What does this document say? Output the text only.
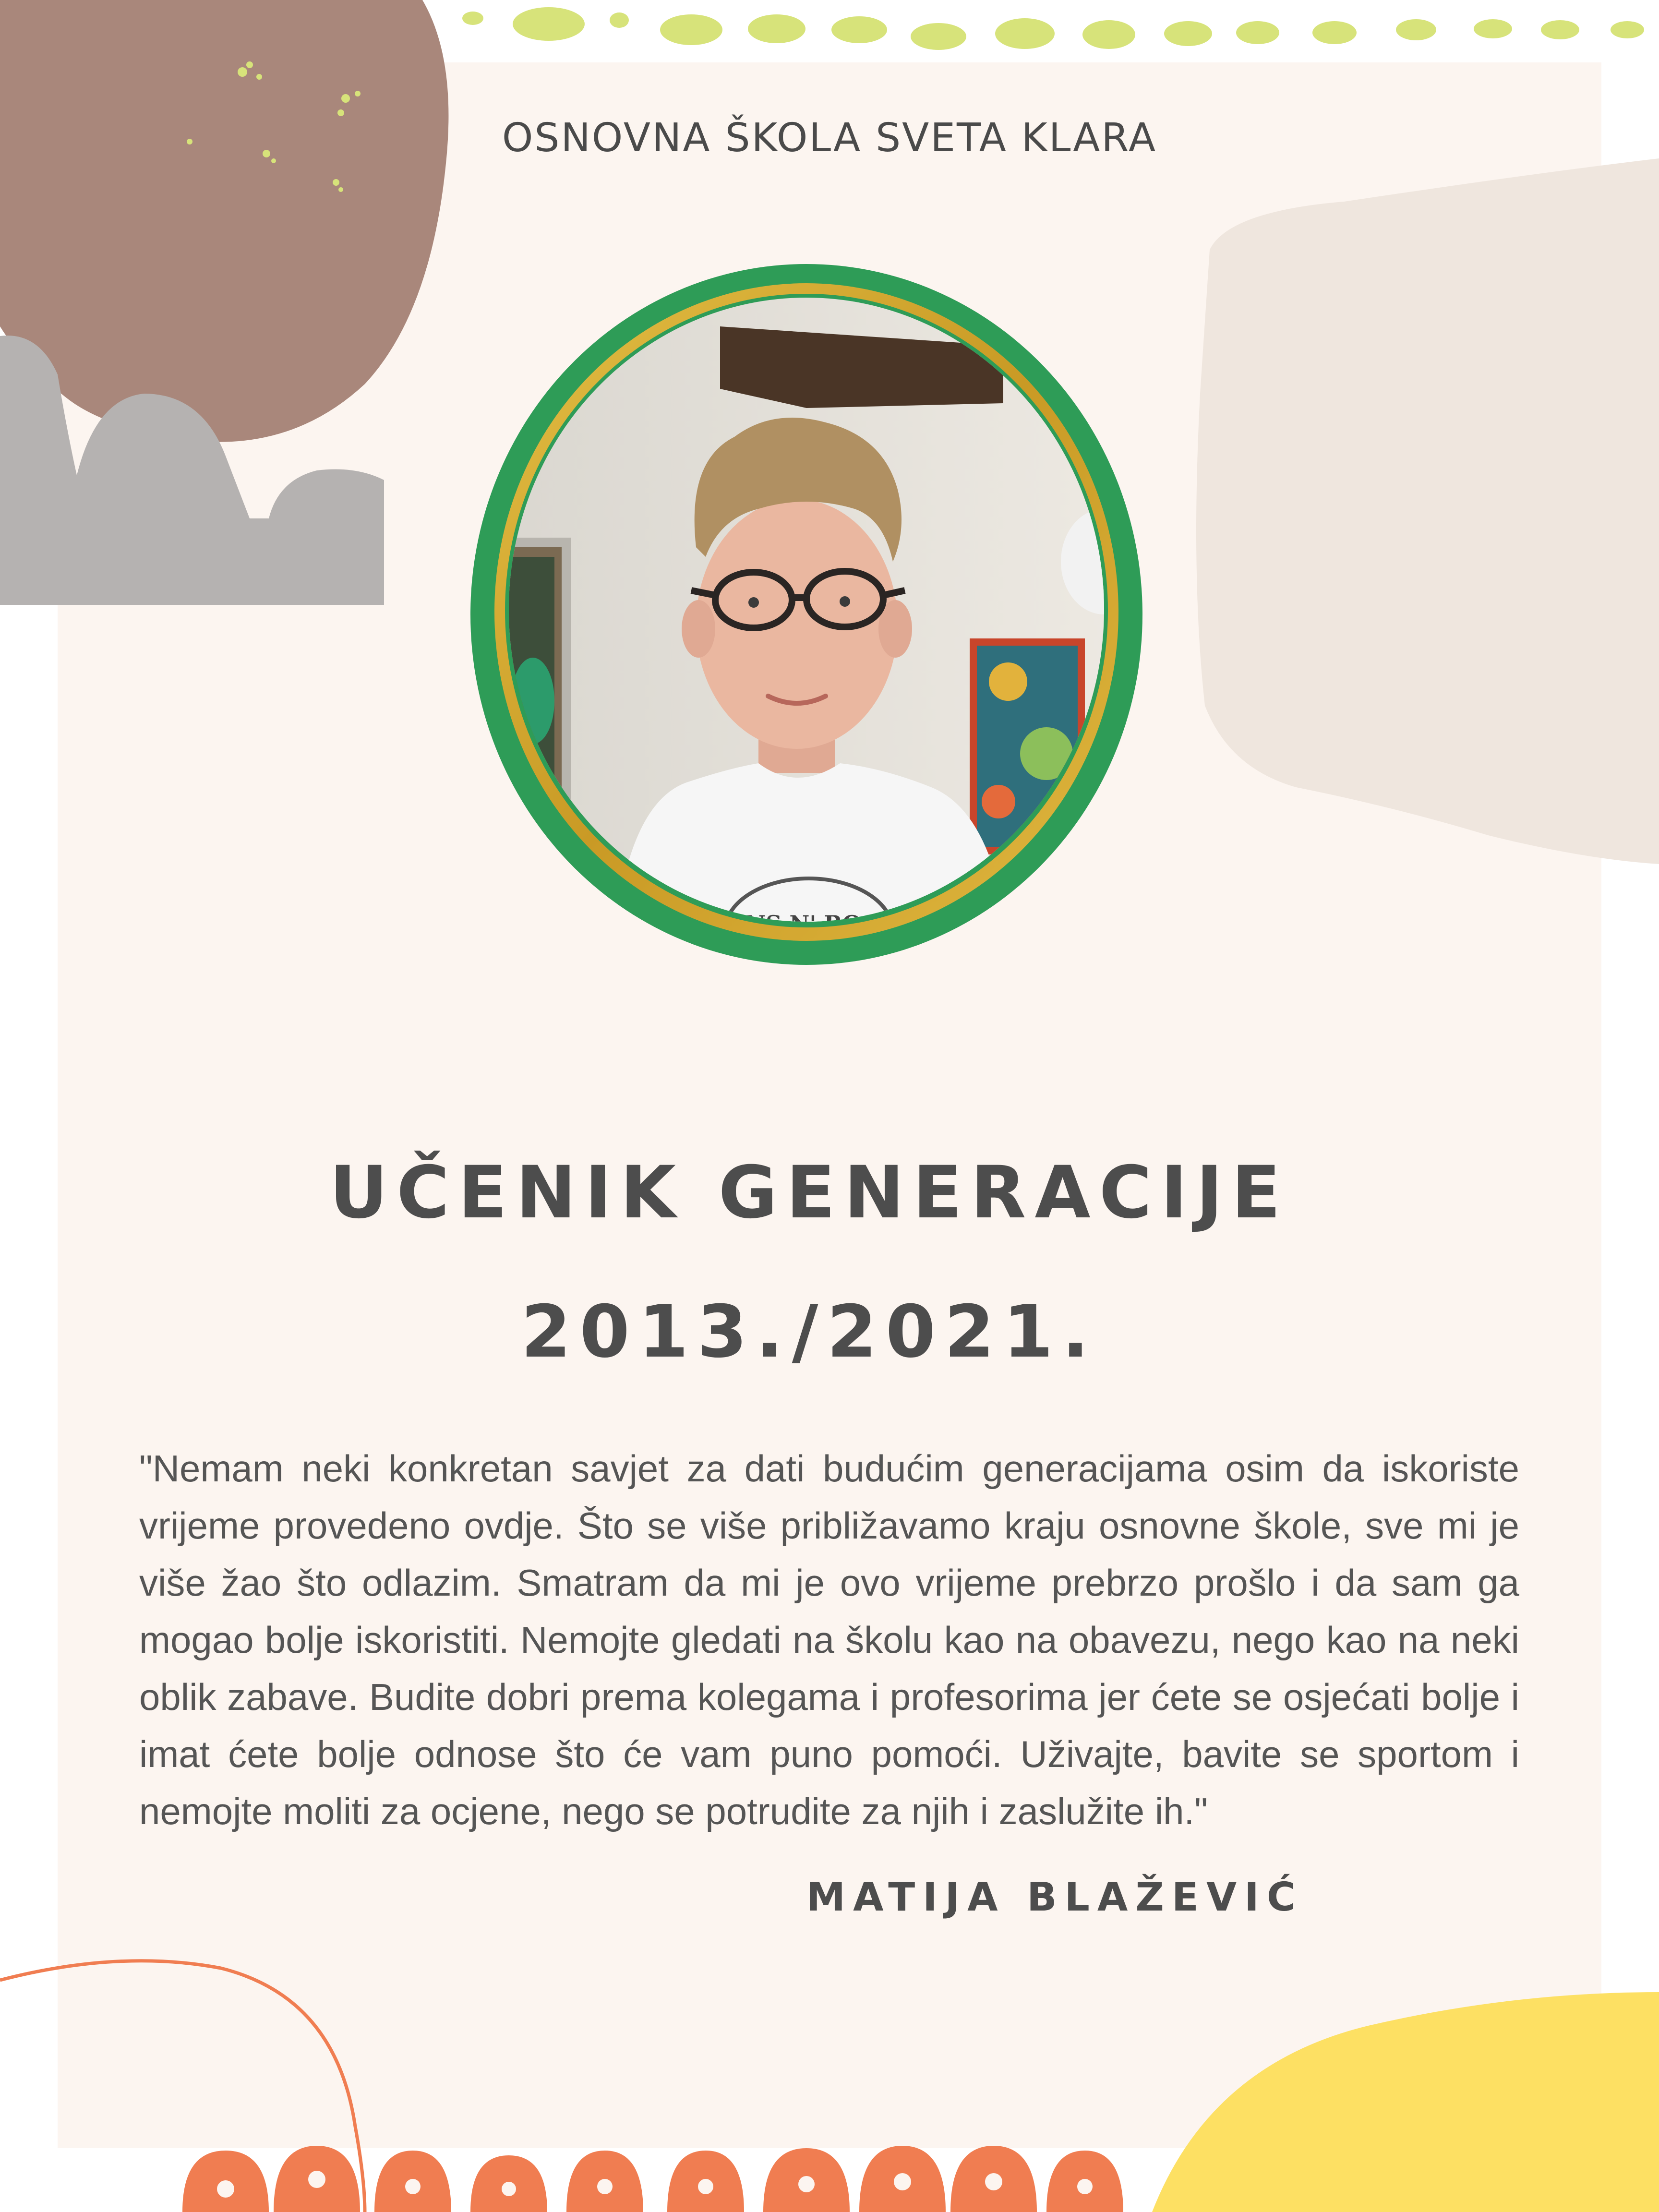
OSNOVNA ŠKOLA SVETA KLARA
UČENIK GENERACIJE
2013./2021.

"Nemam neki konkretan savjet za dati budućim generacijama osim da iskoriste vrijeme provedeno ovdje. Što se više približavamo kraju osnovne škole, sve mi je više žao što odlazim. Smatram da mi je ovo vrijeme prebrzo prošlo i da sam ga mogao bolje iskoristiti. Nemojte gledati na školu kao na obavezu, nego kao na neki oblik zabave. Budite dobri prema kolegama i profesorima jer ćete se osjećati bolje i imat ćete bolje odnose što će vam puno pomoći. Uživajte, bavite se sportom i nemojte moliti za ocjene, nego se potrudite za njih i zaslužite ih."

MATIJA BLAŽEVIĆ
